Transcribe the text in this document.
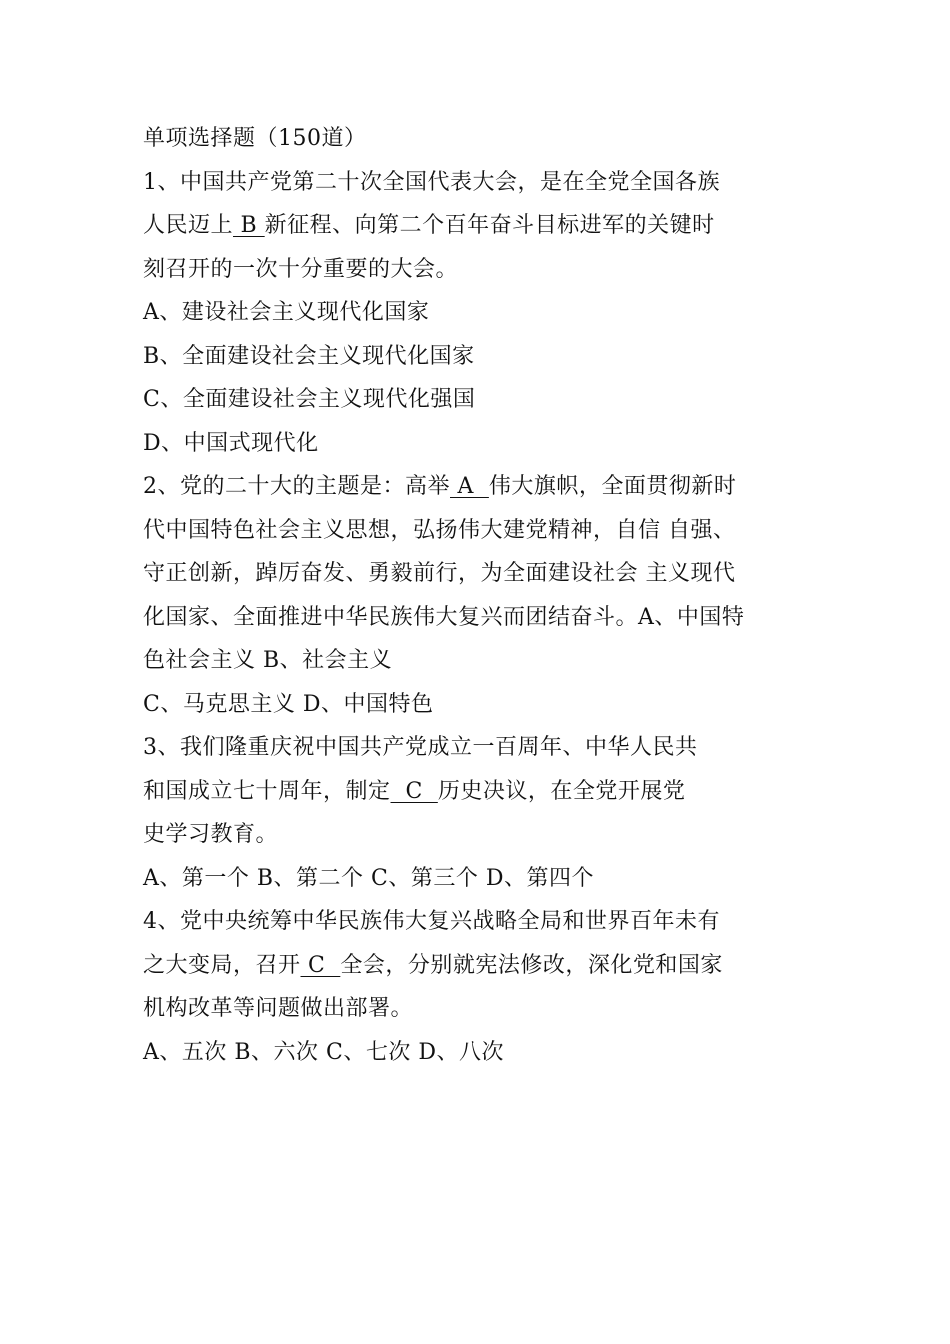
单项选择题（150道）
1、中国共产党第二十次全国代表大会，是在全党全国各族
人民迈上 B 新征程、向第二个百年奋斗目标进军的关键时
刻召开的一次十分重要的大会。
A、建设社会主义现代化国家
B、全面建设社会主义现代化国家
C、全面建设社会主义现代化强国
D、中国式现代化
2、党的二十大的主题是：高举 A  伟大旗帜，全面贯彻新时
代中国特色社会主义思想，弘扬伟大建党精神，自信 自强、
守正创新，踔厉奋发、勇毅前行，为全面建设社会 主义现代
化国家、全面推进中华民族伟大复兴而团结奋斗。A、中国特
色社会主义 B、社会主义
C、马克思主义 D、中国特色
3、我们隆重庆祝中国共产党成立一百周年、中华人民共
和国成立七十周年，制定  C  历史决议，在全党开展党
史学习教育。
A、第一个 B、第二个 C、第三个 D、第四个
4、党中央统筹中华民族伟大复兴战略全局和世界百年未有
之大变局，召开 C  全会，分别就宪法修改，深化党和国家
机构改革等问题做出部署。
A、五次 B、六次 C、七次 D、八次
